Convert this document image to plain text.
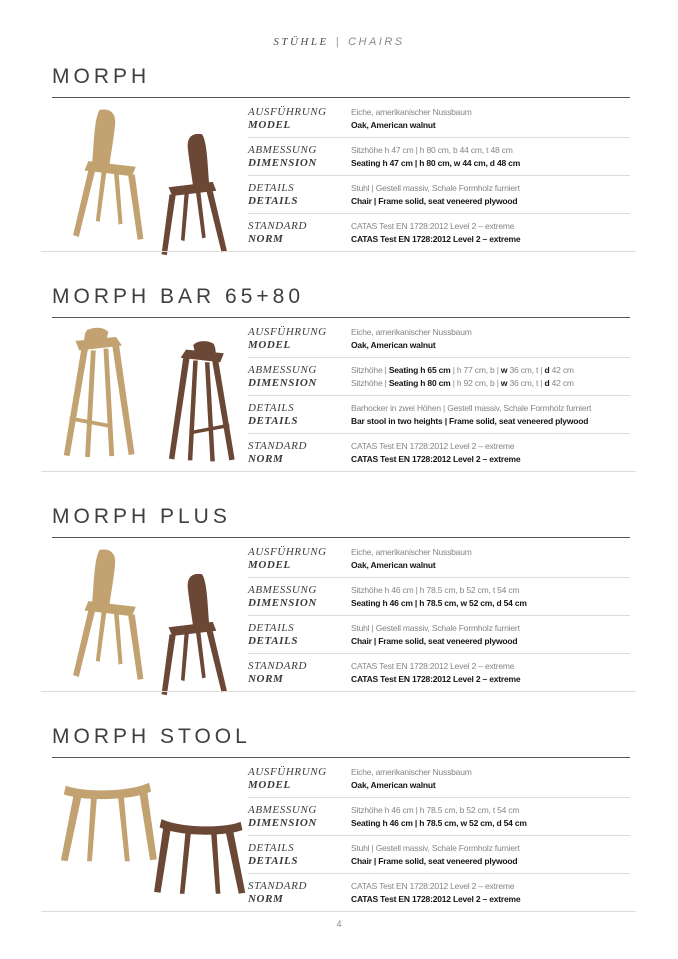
STÜHLE | CHAIRS
MORPH
AUSFÜHRUNG
MODEL
Eiche, amerikanischer Nussbaum
Oak, American walnut
ABMESSUNG
DIMENSION
Sitzhöhe h 47 cm | h 80 cm, b 44 cm, t 48 cm
Seating h 47 cm | h 80 cm, w 44 cm, d 48 cm
DETAILS
DETAILS
Stuhl | Gestell massiv, Schale Formholz furniert
Chair | Frame solid, seat veneered plywood
STANDARD
NORM
CATAS Test EN 1728:2012 Level 2 – extreme
CATAS Test EN 1728:2012 Level 2 – extreme
MORPH BAR 65+80
AUSFÜHRUNG
MODEL
Eiche, amerikanischer Nussbaum
Oak, American walnut
ABMESSUNG
DIMENSION
Sitzhöhe | Seating h 65 cm | h 77 cm, b | w 36 cm, t | d 42 cm
Sitzhöhe | Seating h 80 cm | h 92 cm, b | w 36 cm, t | d 42 cm
DETAILS
DETAILS
Barhocker in zwei Höhen | Gestell massiv, Schale Formholz furniert
Bar stool in two heights | Frame solid, seat veneered plywood
STANDARD
NORM
CATAS Test EN 1728:2012 Level 2 – extreme
CATAS Test EN 1728:2012 Level 2 – extreme
MORPH PLUS
AUSFÜHRUNG
MODEL
Eiche, amerikanischer Nussbaum
Oak, American walnut
ABMESSUNG
DIMENSION
Sitzhöhe h 46 cm | h 78.5 cm, b 52 cm, t 54 cm
Seating h 46 cm | h 78.5 cm, w 52 cm, d 54 cm
DETAILS
DETAILS
Stuhl | Gestell massiv, Schale Formholz furniert
Chair | Frame solid, seat veneered plywood
STANDARD
NORM
CATAS Test EN 1728:2012 Level 2 – extreme
CATAS Test EN 1728:2012 Level 2 – extreme
MORPH STOOL
AUSFÜHRUNG
MODEL
Eiche, amerikanischer Nussbaum
Oak, American walnut
ABMESSUNG
DIMENSION
Sitzhöhe h 46 cm | h 78.5 cm, b 52 cm, t 54 cm
Seating h 46 cm | h 78.5 cm, w 52 cm, d 54 cm
DETAILS
DETAILS
Stuhl | Gestell massiv, Schale Formholz furniert
Chair | Frame solid, seat veneered plywood
STANDARD
NORM
CATAS Test EN 1728:2012 Level 2 – extreme
CATAS Test EN 1728:2012 Level 2 – extreme
4
